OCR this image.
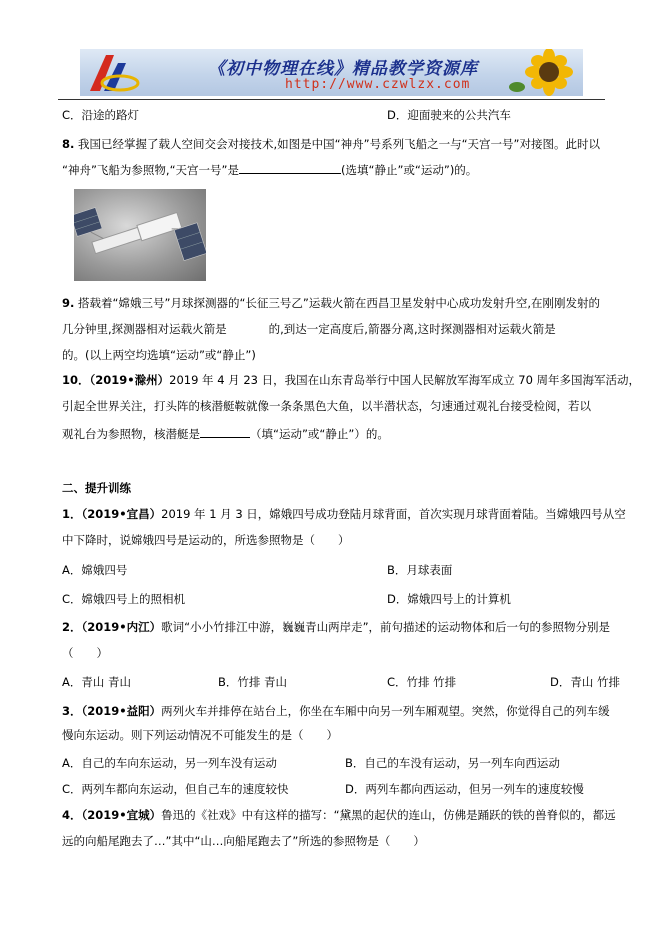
《初中物理在线》精品教学资源库
http://www.czwlzx.com
C．沿途的路灯	D．迎面驶来的公共汽车
8. 我国已经掌握了载人空间交会对接技术,如图是中国“神舟”号系列飞船之一与“天宫一号”对接图。此时以
“神舟”飞船为参照物,“天宫一号”是	(选填“静止”或“运动”)的。
9. 搭载着“嫦娥三号”月球探测器的“长征三号乙”运载火箭在西昌卫星发射中心成功发射升空,在刚刚发射的
几分钟里,探测器相对运载火箭是	的,到达一定高度后,箭器分离,这时探测器相对运载火箭是
的。(以上两空均选填“运动”或“静止”)
10．（2019•滁州）2019 年 4 月 23 日，我国在山东青岛举行中国人民解放军海军成立 70 周年多国海军活动，
引起全世界关注，打头阵的核潜艇鞍就像一条条黑色大鱼，以半潜状态，匀速通过观礼台接受检阅，若以
观礼台为参照物，核潜艇是	（填“运动”或“静止”）的。
二、提升训练
1．（2019•宜昌）2019 年 1 月 3 日，嫦娥四号成功登陆月球背面，首次实现月球背面着陆。当嫦娥四号从空
中下降时，说嫦娥四号是运动的，所选参照物是（　　）
A．嫦娥四号	B．月球表面
C．嫦娥四号上的照相机	D．嫦娥四号上的计算机
2．（2019•内江）歌词“小小竹排江中游，巍巍青山两岸走”，前句描述的运动物体和后一句的参照物分别是
（　　）
A．青山 青山	B．竹排 青山	C．竹排 竹排	D．青山 竹排
3．（2019•益阳）两列火车并排停在站台上，你坐在车厢中向另一列车厢观望。突然，你觉得自己的列车缓
慢向东运动。则下列运动情况不可能发生的是（　　）
A．自己的车向东运动，另一列车没有运动	B．自己的车没有运动，另一列车向西运动
C．两列车都向东运动，但自己车的速度较快	D．两列车都向西运动，但另一列车的速度较慢
4．（2019•宜城）鲁迅的《社戏》中有这样的描写：“黛黑的起伏的连山，仿佛是踊跃的铁的兽脊似的，都远
远的向船尾跑去了…”其中“山…向船尾跑去了”所选的参照物是（　　）
